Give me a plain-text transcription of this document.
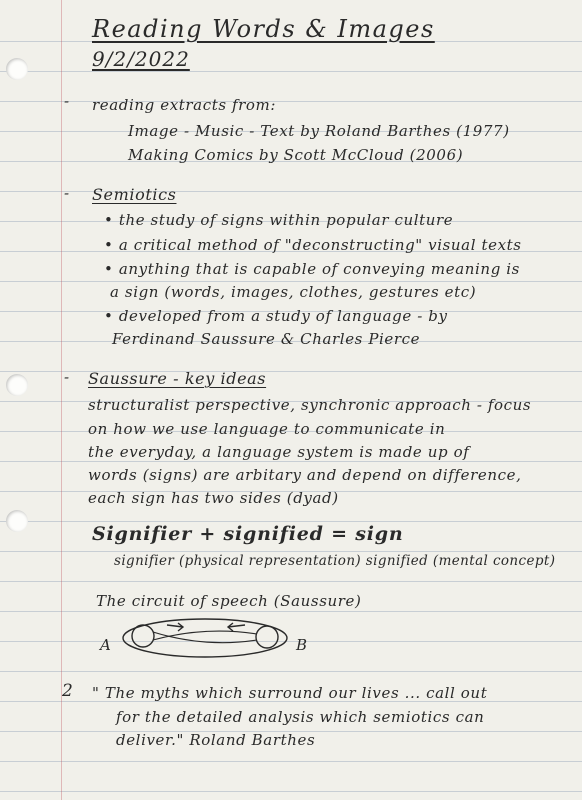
Reading Words & Images
9/2/2022
- reading extracts from:
Image - Music - Text by Roland Barthes (1977)
Making Comics by Scott McCloud (2006)
- Semiotics
• the study of signs within popular culture
• a critical method of "deconstructing" visual texts
• anything that is capable of conveying meaning is
a sign (words, images, clothes, gestures etc)
• developed from a study of language - by
Ferdinand Saussure & Charles Pierce
- Saussure - key ideas
structuralist perspective, synchronic approach - focus
on how we use language to communicate in
the everyday, a language system is made up of
words (signs) are arbitary and depend on difference,
each sign has two sides (dyad)
Signifier + signified = sign
signifier (physical representation) signified (mental concept)
The circuit of speech (Saussure)
A	B
2 " The myths which surround our lives ... call out
for the detailed analysis which semiotics can
deliver." Roland Barthes
